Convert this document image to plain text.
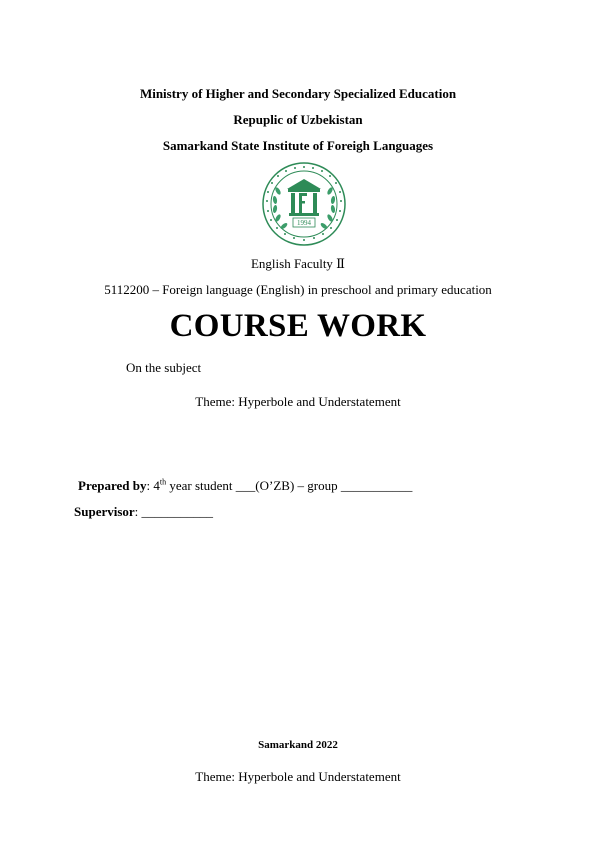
Ministry of Higher and Secondary Specialized Education
Repuplic of Uzbekistan
Samarkand State Institute of Foreigh Languages
1994
English Faculty Ⅱ
5112200 – Foreign language (English) in preschool and primary education
COURSE WORK
On the subject
Theme: Hyperbole and Understatement
Prepared by: 4th year student ___(O’ZB) – group ___________
Supervisor: ___________
Samarkand 2022
Theme: Hyperbole and Understatement
